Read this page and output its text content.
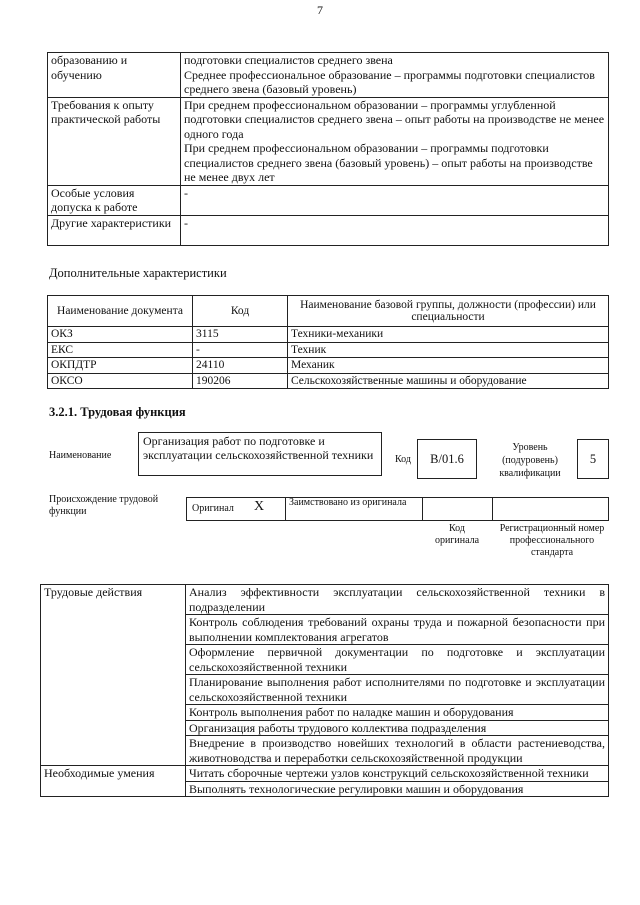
7
образованию и обучению	подготовки специалистов среднего звена
Среднее профессиональное образование – программы подготовки специалистов среднего звена (базовый уровень)

Требования к опыту практической работы	При среднем профессиональном образовании – программы углубленной подготовки специалистов среднего звена – опыт работы на производстве не менее одного года
При среднем профессиональном образовании – программы подготовки специалистов среднего звена (базовый уровень) – опыт работы на производстве не менее двух лет

Особые условия допуска к работе	-
Другие характеристики	-
Дополнительные характеристики
Наименование документа	Код	Наименование базовой группы, должности (профессии) или специальности
ОКЗ	3115	Техники-механики
ЕКС	-	Техник
ОКПДТР	24110	Механик
ОКСО	190206	Сельскохозяйственные машины и оборудование
3.2.1. Трудовая функция
Наименование
Организация работ по подготовке и эксплуатации сельскохозяйственной техники	Код	B/01.6
Уровень (подуровень) квалификации
5
Происхождение трудовой функции	Оригинал X Заимствовано из оригинала
Код оригинала
Регистрационный номер профессионального стандарта
Трудовые действия	Анализ эффективности эксплуатации сельскохозяйственной техники в подразделении
	Контроль соблюдения требований охраны труда и пожарной безопасности при выполнении комплектования агрегатов
	Оформление первичной документации по подготовке и эксплуатации сельскохозяйственной техники
	Планирование выполнения работ исполнителями по подготовке и эксплуатации сельскохозяйственной техники
	Контроль выполнения работ по наладке машин и оборудования
	Организация работы трудового коллектива подразделения
	Внедрение в производство новейших технологий в области растениеводства, животноводства и переработки сельскохозяйственной продукции
Необходимые умения	Читать сборочные чертежи узлов конструкций сельскохозяйственной техники
	Выполнять технологические регулировки машин и оборудования
